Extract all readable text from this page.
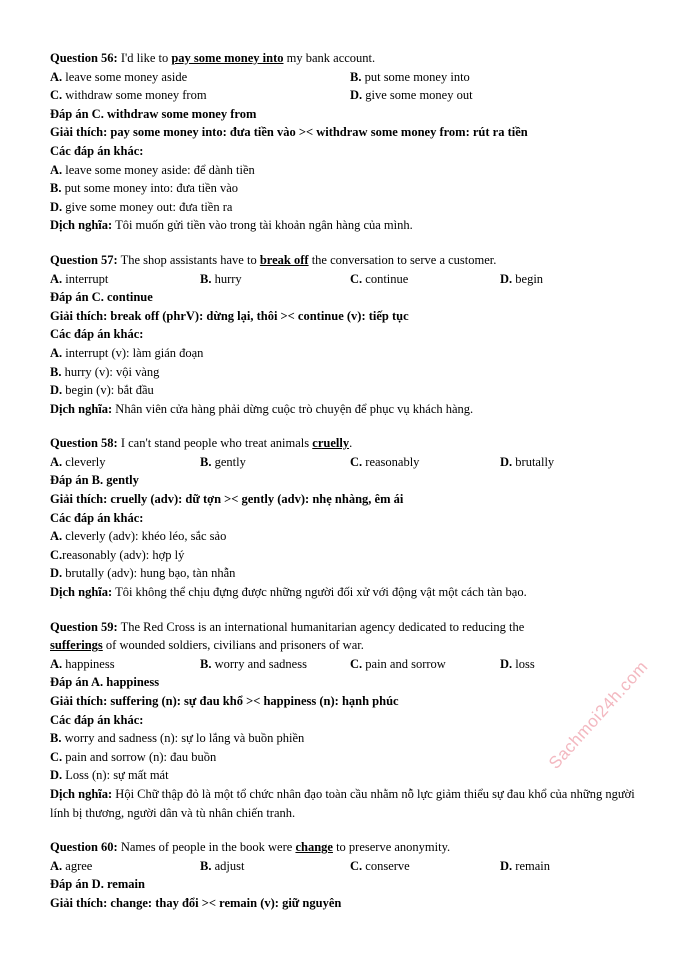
Sachmoi24h.com
Question 56: I'd like to pay some money into my bank account.
A. leave some money aside	B. put some money into
C. withdraw some money from	D. give some money out
Đáp án C. withdraw some money from
Giải thích: pay some money into: đưa tiền vào >< withdraw some money from: rút ra tiền
Các đáp án khác:
A. leave some money aside: để dành tiền
B. put some money into: đưa tiền vào
D. give some money out: đưa tiền ra
Dịch nghĩa: Tôi muốn gửi tiền vào trong tài khoản ngân hàng của mình.
Question 57: The shop assistants have to break off the conversation to serve a customer.
A. interrupt	B. hurry	C. continue	D. begin
Đáp án C. continue
Giải thích: break off (phrV): dừng lại, thôi >< continue (v): tiếp tục
Các đáp án khác:
A. interrupt (v): làm gián đoạn
B. hurry (v): vội vàng
D. begin (v): bắt đầu
Dịch nghĩa: Nhân viên cửa hàng phải dừng cuộc trò chuyện để phục vụ khách hàng.
Question 58: I can't stand people who treat animals cruelly.
A. cleverly	B. gently	C. reasonably	D. brutally
Đáp án B. gently
Giải thích: cruelly (adv): dữ tợn >< gently (adv): nhẹ nhàng, êm ái
Các đáp án khác:
A. cleverly (adv): khéo léo, sắc sảo
C.reasonably (adv): hợp lý
D. brutally (adv): hung bạo, tàn nhẫn
Dịch nghĩa: Tôi không thể chịu đựng được những người đối xử với động vật một cách tàn bạo.
Question 59: The Red Cross is an international humanitarian agency dedicated to reducing the
sufferings of wounded soldiers, civilians and prisoners of war.
A. happiness	B. worry and sadness	C. pain and sorrow	D. loss
Đáp án A. happiness
Giải thích: suffering (n): sự đau khổ >< happiness (n): hạnh phúc
Các đáp án khác:
B. worry and sadness (n): sự lo lắng và buồn phiền
C. pain and sorrow (n): đau buồn
D. Loss (n): sự mất mát
Dịch nghĩa: Hội Chữ thập đỏ là một tổ chức nhân đạo toàn cầu nhằm nỗ lực giảm thiểu sự đau khổ của những người lính bị thương, người dân và tù nhân chiến tranh.
Question 60: Names of people in the book were change to preserve anonymity.
A. agree	B. adjust	C. conserve	D. remain
Đáp án D. remain
Giải thích: change: thay đổi >< remain (v): giữ nguyên
